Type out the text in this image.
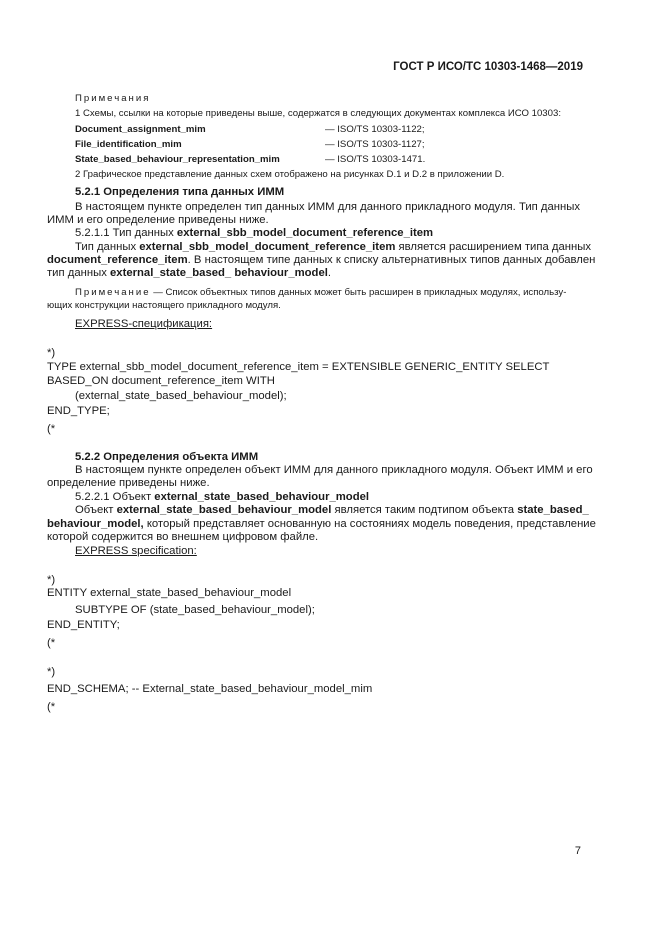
ГОСТ Р ИСО/ТС 10303-1468—2019
Примечания
1 Схемы, ссылки на которые приведены выше, содержатся в следующих документах комплекса ИСО 10303:
Document_assignment_mim	— ISO/TS 10303-1122;
File_identification_mim	— ISO/TS 10303-1127;
State_based_behaviour_representation_mim	— ISO/TS 10303-1471.
2 Графическое представление данных схем отображено на рисунках D.1 и D.2 в приложении D.
5.2.1 Определения типа данных ИММ
В настоящем пункте определен тип данных ИММ для данного прикладного модуля. Тип данных
ИММ и его определение приведены ниже.
5.2.1.1 Тип данных external_sbb_model_document_reference_item
Тип данных external_sbb_model_document_reference_item является расширением типа данных
document_reference_item. В настоящем типе данных к списку альтернативных типов данных добавлен
тип данных external_state_based_ behaviour_model.
Примечание — Список объектных типов данных может быть расширен в прикладных модулях, использу-
ющих конструкции настоящего прикладного модуля.
EXPRESS-спецификация:
*)
TYPE external_sbb_model_document_reference_item = EXTENSIBLE GENERIC_ENTITY SELECT
BASED_ON document_reference_item WITH
(external_state_based_behaviour_model);
END_TYPE;
(*
5.2.2 Определения объекта ИММ
В настоящем пункте определен объект ИММ для данного прикладного модуля. Объект ИММ и его
определение приведены ниже.
5.2.2.1 Объект external_state_based_behaviour_model
Объект external_state_based_behaviour_model является таким подтипом объекта state_based_
behaviour_model, который представляет основанную на состояниях модель поведения, представление
которой содержится во внешнем цифровом файле.
EXPRESS specification:
*)
ENTITY external_state_based_behaviour_model
SUBTYPE OF (state_based_behaviour_model);
END_ENTITY;
(*
*)
END_SCHEMA; -- External_state_based_behaviour_model_mim
(*
7
